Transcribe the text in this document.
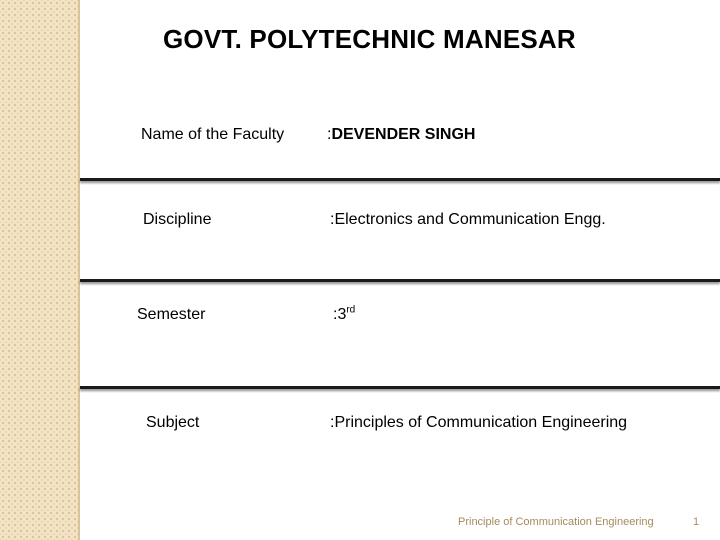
GOVT. POLYTECHNIC MANESAR
Name of the Faculty	:DEVENDER SINGH
Discipline	:Electronics and Communication Engg.
Semester	:3rd
Subject	:Principles of Communication Engineering
Principle of Communication Engineering	1
